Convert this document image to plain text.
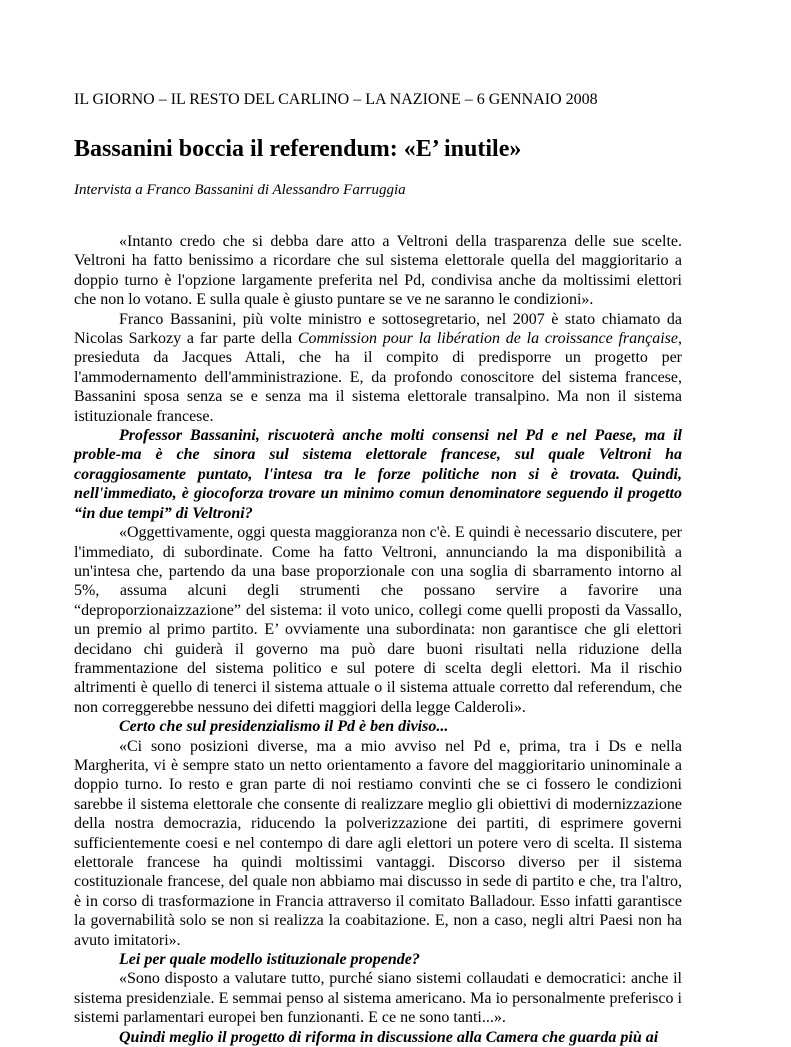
IL GIORNO – IL RESTO DEL CARLINO – LA NAZIONE – 6 GENNAIO 2008
Bassanini boccia il referendum: «E’ inutile»
Intervista a Franco Bassanini di Alessandro Farruggia

«Intanto credo che si debba dare atto a Veltroni della trasparenza delle sue scelte. Veltroni ha fatto benissimo a ricordare che sul sistema elettorale quella del maggioritario a doppio turno è l'opzione largamente preferita nel Pd, condivisa anche da moltissimi elettori che non lo votano. E sulla quale è giusto puntare se ve ne saranno le condizioni».

Franco Bassanini, più volte ministro e sottosegretario, nel 2007 è stato chiamato da Nicolas Sarkozy a far parte della Commission pour la libération de la croissance française, presieduta da Jacques Attali, che ha il compito di predisporre un progetto per l'ammodernamento dell'amministrazione. E, da profondo conoscitore del sistema francese, Bassanini sposa senza se e senza ma il sistema elettorale transalpino. Ma non il sistema istituzionale francese.

Professor Bassanini, riscuoterà anche molti consensi nel Pd e nel Paese, ma il proble-ma è che sinora sul sistema elettorale francese, sul quale Veltroni ha coraggiosamente puntato, l'intesa tra le forze politiche non si è trovata. Quindi, nell'immediato, è giocoforza trovare un minimo comun denominatore seguendo il progetto “in due tempi” di Veltroni?

«Oggettivamente, oggi questa maggioranza non c'è. E quindi è necessario discutere, per l'immediato, di subordinate. Come ha fatto Veltroni, annunciando la ma disponibilità a un'intesa che, partendo da una base proporzionale con una soglia di sbarramento intorno al 5%, assuma alcuni degli strumenti che possano servire a favorire una “deproporzionaizzazione” del sistema: il voto unico, collegi come quelli proposti da Vassallo, un premio al primo partito. E’ ovviamente una subordinata: non garantisce che gli elettori decidano chi guiderà il governo ma può dare buoni risultati nella riduzione della frammentazione del sistema politico e sul potere di scelta degli elettori. Ma il rischio altrimenti è quello di tenerci il sistema attuale o il sistema attuale corretto dal referendum, che non correggerebbe nessuno dei difetti maggiori della legge Calderoli».

Certo che sul presidenzialismo il Pd è ben diviso...

«Ci sono posizioni diverse, ma a mio avviso nel Pd e, prima, tra i Ds e nella Margherita, vi è sempre stato un netto orientamento a favore del maggioritario uninominale a doppio turno. Io resto e gran parte di noi restiamo convinti che se ci fossero le condizioni sarebbe il sistema elettorale che consente di realizzare meglio gli obiettivi di modernizzazione della nostra democrazia, riducendo la polverizzazione dei partiti, di esprimere governi sufficientemente coesi e nel contempo di dare agli elettori un potere vero di scelta. Il sistema elettorale francese ha quindi moltissimi vantaggi. Discorso diverso per il sistema costituzionale francese, del quale non abbiamo mai discusso in sede di partito e che, tra l'altro, è in corso di trasformazione in Francia attraverso il comitato Balladour. Esso infatti garantisce la governabilità solo se non si realizza la coabitazione. E, non a caso, negli altri Paesi non ha avuto imitatori».

Lei per quale modello istituzionale propende?

«Sono disposto a valutare tutto, purché siano sistemi collaudati e democratici: anche il sistema presidenziale. E semmai penso al sistema americano. Ma io personalmente preferisco i sistemi parlamentari europei ben funzionanti. E ce ne sono tanti...».

Quindi meglio il progetto di riforma in discussione alla Camera che guarda più ai
